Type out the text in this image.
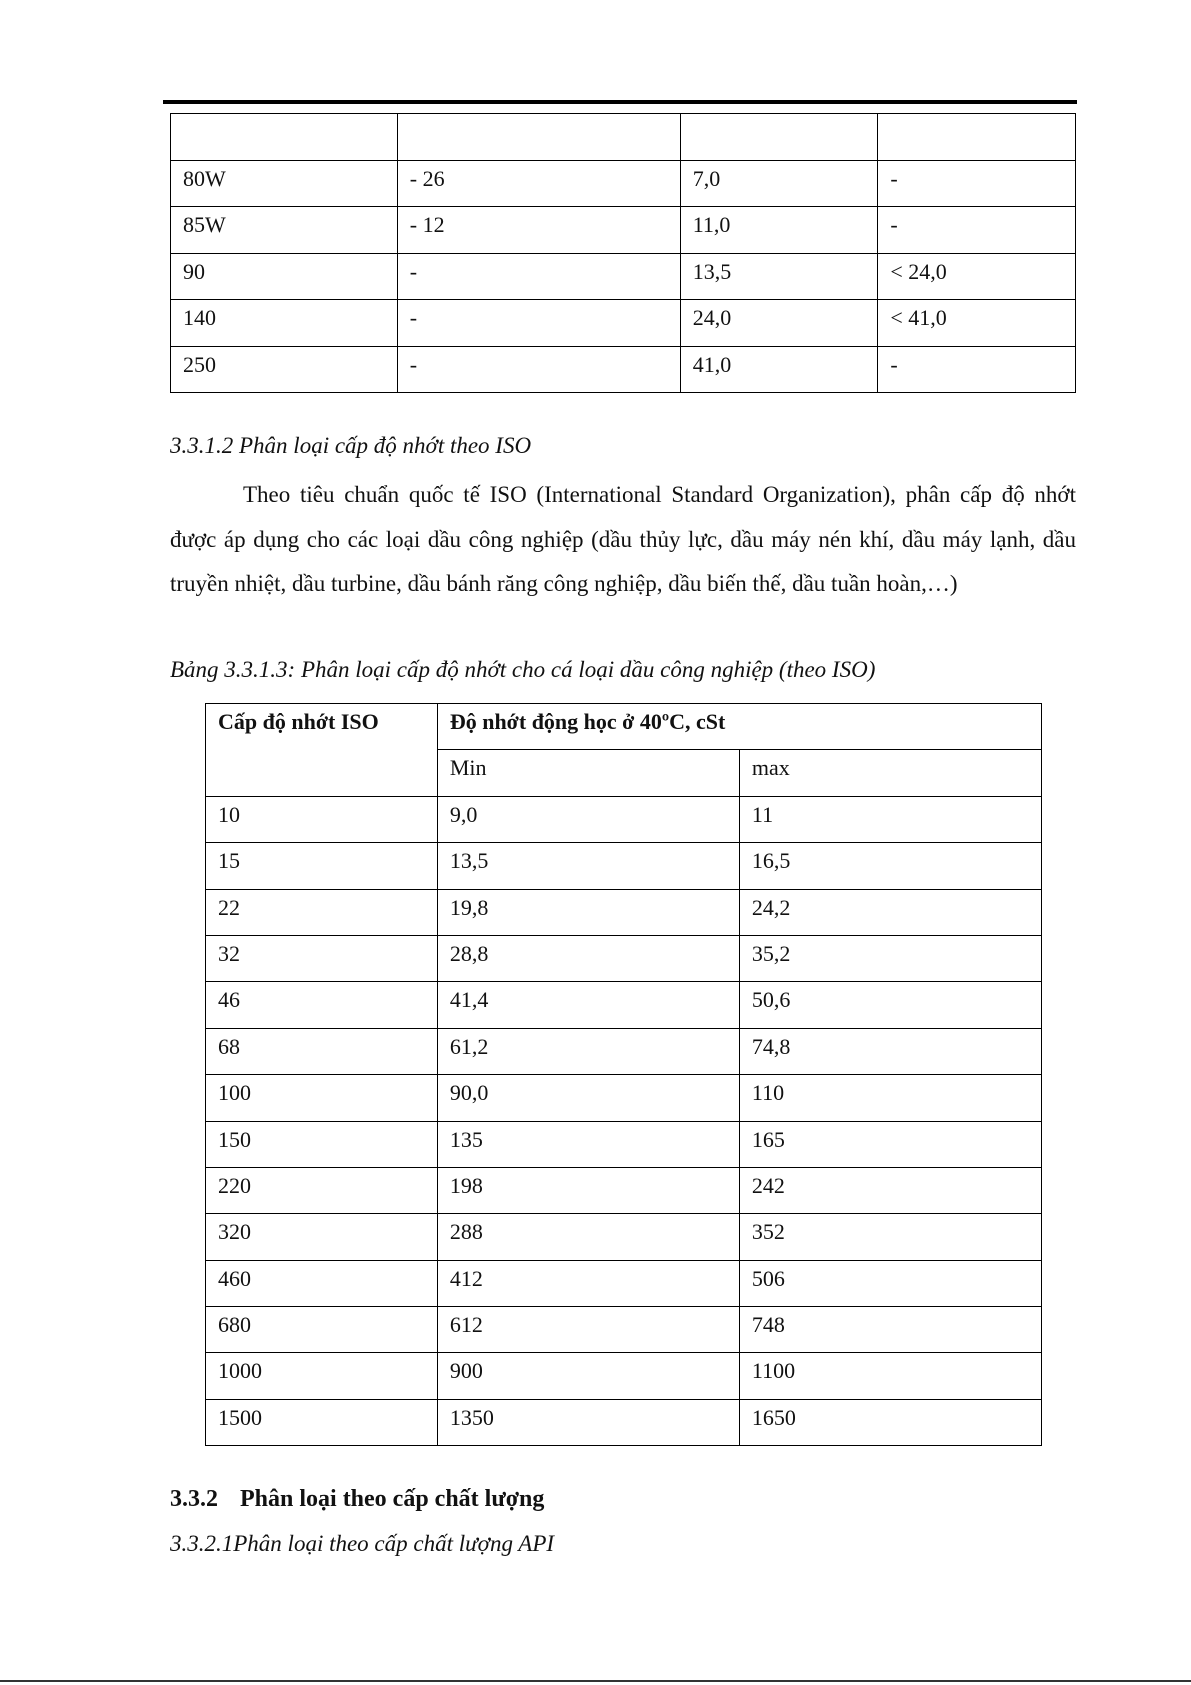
80W	- 26	7,0	-
85W	- 12	11,0	-
90	-	13,5	< 24,0
140	-	24,0	< 41,0
250	-	41,0	-
3.3.1.2 Phân loại cấp độ nhớt theo ISO

Theo tiêu chuẩn quốc tế ISO (International Standard Organization), phân cấp độ nhớt được áp dụng cho các loại dầu công nghiệp (dầu thủy lực, dầu máy nén khí, dầu máy lạnh, dầu truyền nhiệt, dầu turbine, dầu bánh răng công nghiệp, dầu biến thế, dầu tuần hoàn,…)

Bảng 3.3.1.3: Phân loại cấp độ nhớt cho cá loại dầu công nghiệp (theo ISO)
Cấp độ nhớt ISO	Độ nhớt động học ở 40ºC, cSt	
	Min	max
10	9,0	11
15	13,5	16,5
22	19,8	24,2
32	28,8	35,2
46	41,4	50,6
68	61,2	74,8
100	90,0	110
150	135	165
220	198	242
320	288	352
460	412	506
680	612	748
1000	900	1100
1500	1350	1650
3.3.2 Phân loại theo cấp chất lượng
3.3.2.1Phân loại theo cấp chất lượng API
